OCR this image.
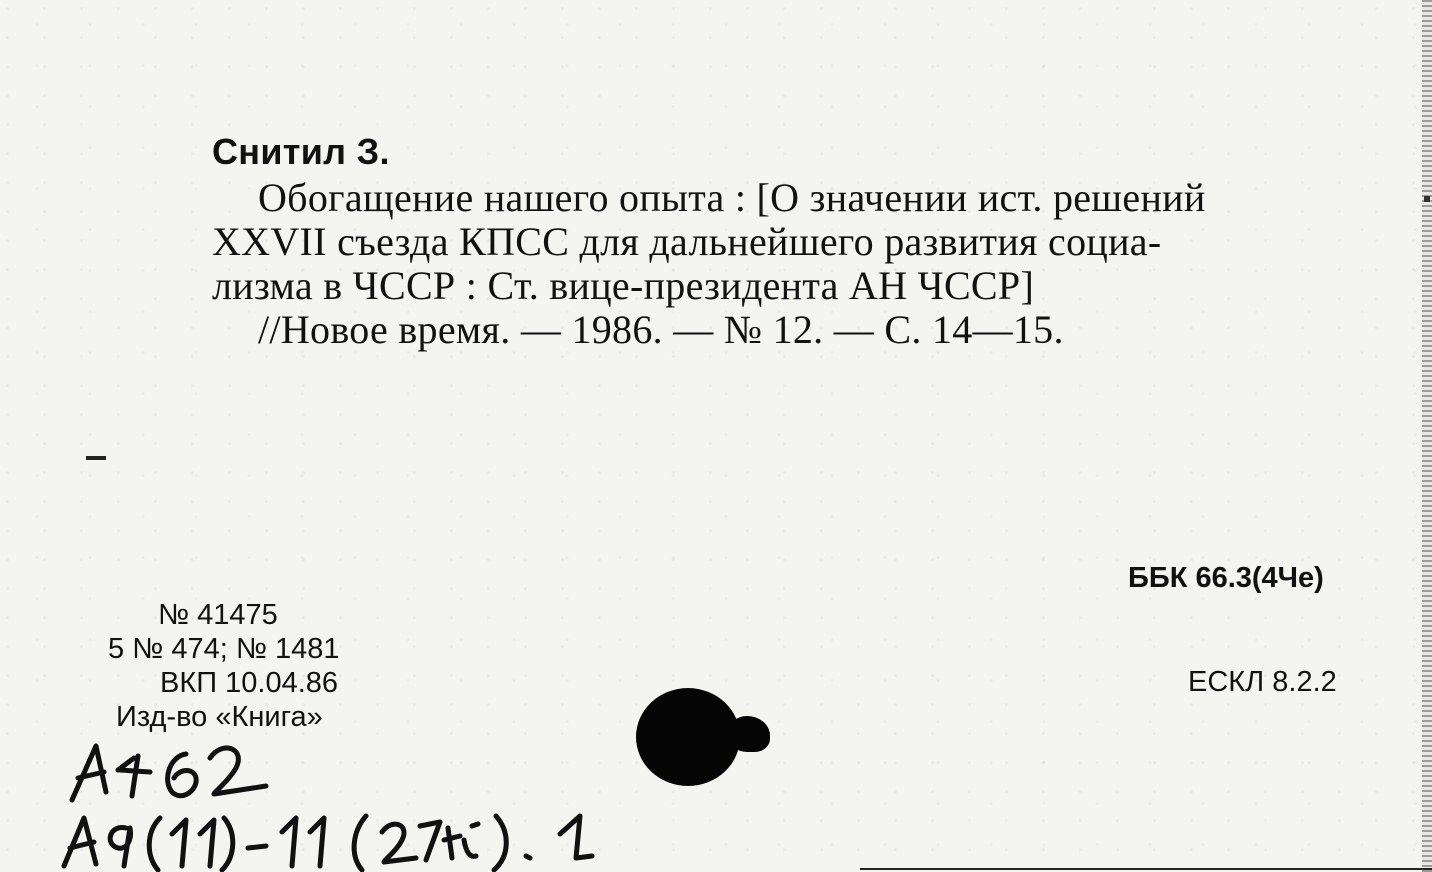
Снитил З.
Обогащение нашего опыта : [О значении ист. решений
XXVII съезда КПСС для дальнейшего развития социа-
лизма в ЧССР : Ст. вице-президента АН ЧССР]
//Новое время. — 1986. — № 12. — С. 14—15.
№ 41475
5 № 474; № 1481
ВКП 10.04.86
Изд-во «Книга»
ББК 66.3(4Че)
ЕСКЛ 8.2.2
